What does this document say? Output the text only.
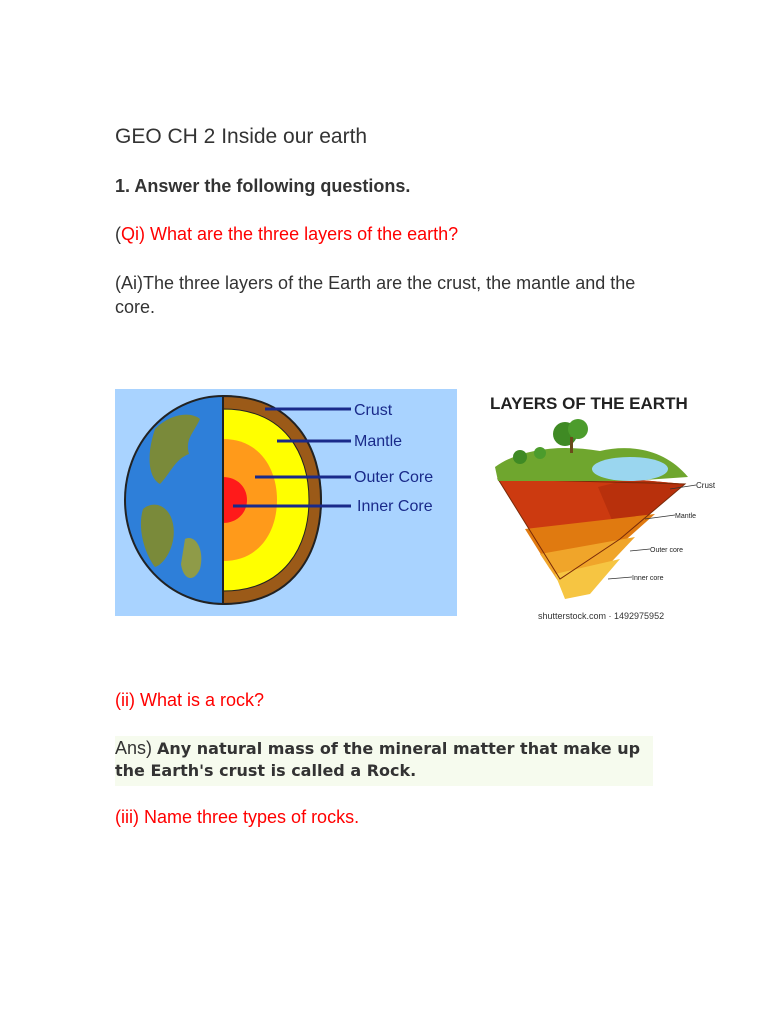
GEO CH 2 Inside our earth
1. Answer the following questions.
(Qi) What are the three layers of the earth?
(Ai)The three layers of the Earth are the crust, the mantle and the core.
Crust
Mantle
Outer Core
Inner Core
LAYERS OF THE EARTH
Crust
Mantle
Outer core
Inner core
shutterstock.com · 1492975952
(ii) What is a rock?
Ans) Any natural mass of the mineral matter that make up the Earth's crust is called a Rock.
(iii) Name three types of rocks.
